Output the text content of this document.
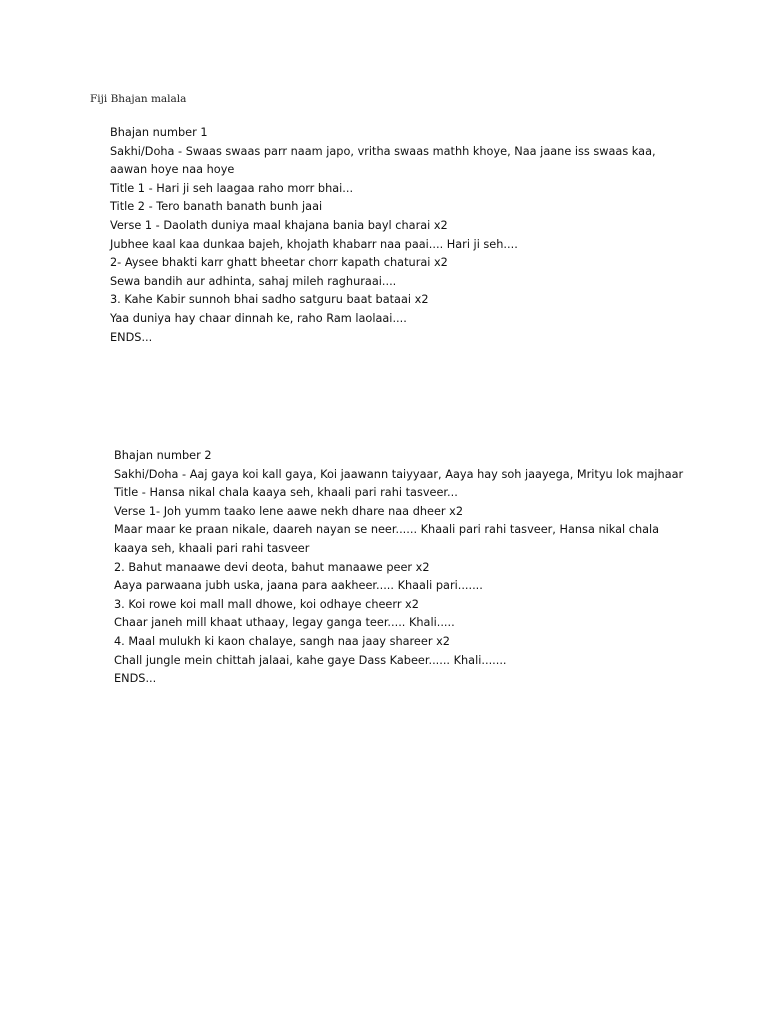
Fiji Bhajan malala
Bhajan number 1
Sakhi/Doha - Swaas swaas parr naam japo, vritha swaas mathh khoye, Naa jaane iss swaas kaa, aawan hoye naa hoye
Title 1 - Hari ji seh laagaa raho morr bhai...
Title 2 - Tero banath banath bunh jaai
Verse 1 - Daolath duniya maal khajana bania bayl charai x2
Jubhee kaal kaa dunkaa bajeh, khojath khabarr naa paai.... Hari ji seh....
2- Aysee bhakti karr ghatt bheetar chorr kapath chaturai x2
Sewa bandih aur adhinta, sahaj mileh raghuraai....
3. Kahe Kabir sunnoh bhai sadho satguru baat bataai x2
Yaa duniya hay chaar dinnah ke, raho Ram laolaai....
ENDS...
Bhajan number 2
Sakhi/Doha - Aaj gaya koi kall gaya, Koi jaawann taiyyaar, Aaya hay soh jaayega, Mrityu lok majhaar
Title - Hansa nikal chala kaaya seh, khaali pari rahi tasveer...
Verse 1- Joh yumm taako lene aawe nekh dhare naa dheer x2
Maar maar ke praan nikale, daareh nayan se neer...... Khaali pari rahi tasveer, Hansa nikal chala kaaya seh, khaali pari rahi tasveer
2. Bahut manaawe devi deota, bahut manaawe peer x2
Aaya parwaana jubh uska, jaana para aakheer..... Khaali pari.......
3. Koi rowe koi mall mall dhowe, koi odhaye cheerr x2
Chaar janeh mill khaat uthaay, legay ganga teer..... Khali.....
4. Maal mulukh ki kaon chalaye, sangh naa jaay shareer x2
Chall jungle mein chittah jalaai, kahe gaye Dass Kabeer...... Khali.......
ENDS...
